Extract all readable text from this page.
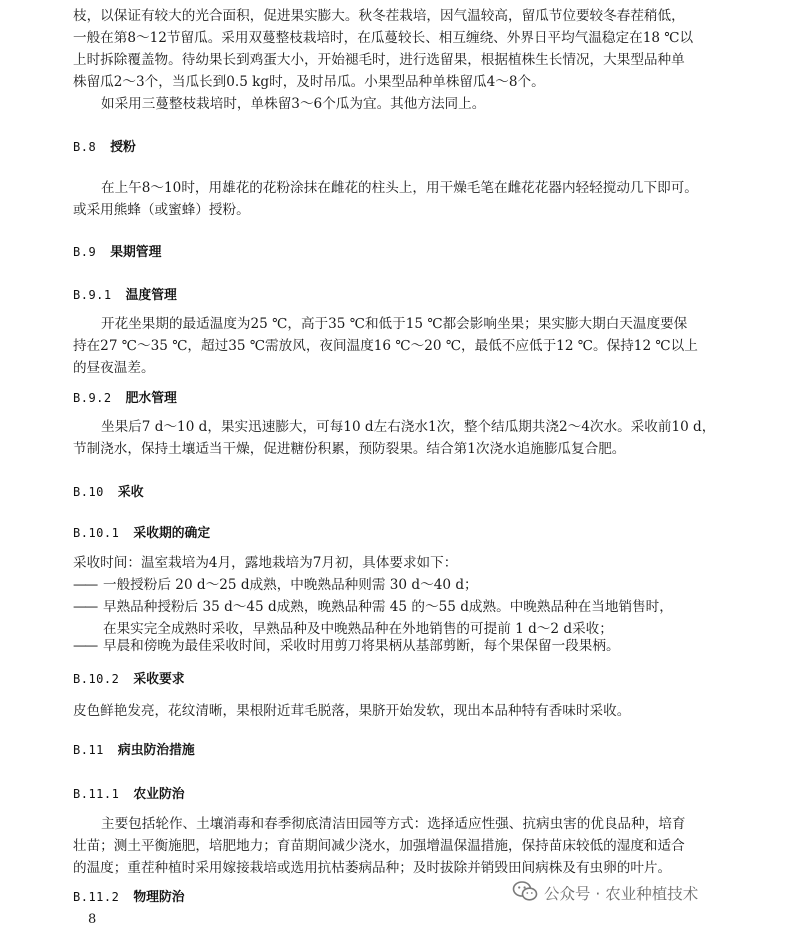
枝，以保证有较大的光合面积，促进果实膨大。秋冬茬栽培，因气温较高，留瓜节位要较冬春茬稍低，
一般在第8～12节留瓜。采用双蔓整枝栽培时，在瓜蔓较长、相互缠绕、外界日平均气温稳定在18 ℃以
上时拆除覆盖物。待幼果长到鸡蛋大小，开始褪毛时，进行选留果，根据植株生长情况，大果型品种单
株留瓜2～3个，当瓜长到0.5 kg时，及时吊瓜。小果型品种单株留瓜4～8个。
如采用三蔓整枝栽培时，单株留3～6个瓜为宜。其他方法同上。
B.8 授粉
在上午8～10时，用雄花的花粉涂抹在雌花的柱头上，用干燥毛笔在雌花花器内轻轻搅动几下即可。
或采用熊蜂（或蜜蜂）授粉。
B.9 果期管理
B.9.1 温度管理
开花坐果期的最适温度为25 ℃，高于35 ℃和低于15 ℃都会影响坐果；果实膨大期白天温度要保
持在27 ℃～35 ℃，超过35 ℃需放风，夜间温度16 ℃～20 ℃，最低不应低于12 ℃。保持12 ℃以上
的昼夜温差。
B.9.2 肥水管理
坐果后7 d～10 d，果实迅速膨大，可每10 d左右浇水1次，整个结瓜期共浇2～4次水。采收前10 d，
节制浇水，保持土壤适当干燥，促进糖份积累，预防裂果。结合第1次浇水追施膨瓜复合肥。
B.10 采收
B.10.1 采收期的确定
采收时间：温室栽培为4月，露地栽培为7月初，具体要求如下：
—— 一般授粉后 20 d～25 d成熟，中晚熟品种则需 30 d～40 d；
—— 早熟品种授粉后 35 d～45 d成熟，晚熟品种需 45 的～55 d成熟。中晚熟品种在当地销售时，
在果实完全成熟时采收，早熟品种及中晚熟品种在外地销售的可提前 1 d～2 d采收；
—— 早晨和傍晚为最佳采收时间，采收时用剪刀将果柄从基部剪断，每个果保留一段果柄。
B.10.2 采收要求
皮色鲜艳发亮，花纹清晰，果根附近茸毛脱落，果脐开始发软，现出本品种特有香味时采收。
B.11 病虫防治措施
B.11.1 农业防治
主要包括轮作、土壤消毒和春季彻底清洁田园等方式：选择适应性强、抗病虫害的优良品种，培育
壮苗；测土平衡施肥，培肥地力；育苗期间减少浇水，加强增温保温措施，保持苗床较低的湿度和适合
的温度；重茬种植时采用嫁接栽培或选用抗枯萎病品种；及时拔除并销毁田间病株及有虫卵的叶片。
B.11.2 物理防治
8
公众号 · 农业种植技术
